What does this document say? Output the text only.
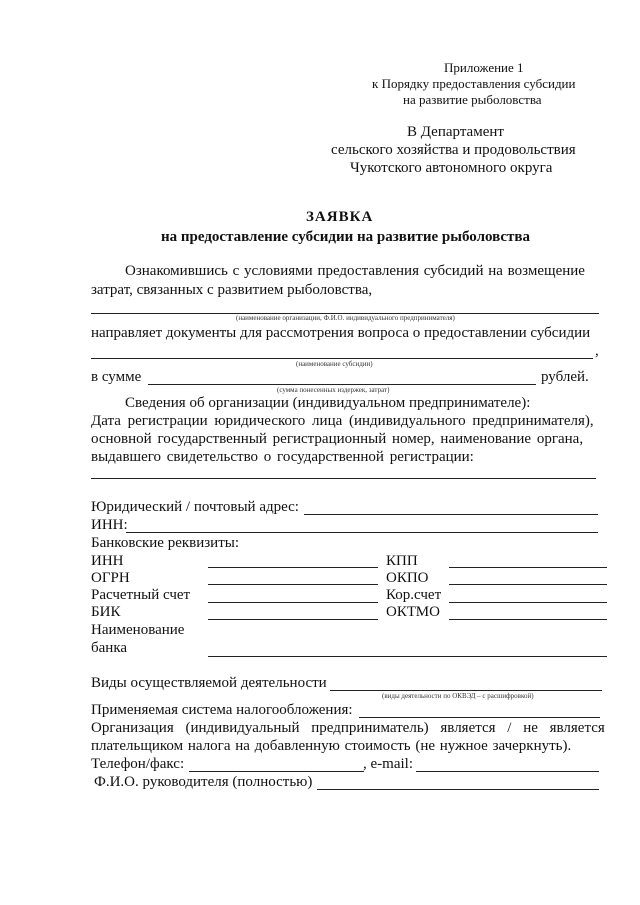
Приложение 1
к Порядку предоставления субсидии
на развитие рыболовства
В Департамент
сельского хозяйства и продовольствия
Чукотского автономного округа
ЗАЯВКА
на предоставление субсидии на развитие рыболовства
Ознакомившись с условиями предоставления субсидий на возмещение
затрат, связанных с развитием рыболовства,
(наименование организации, Ф.И.О. индивидуального предпринимателя)
направляет документы для рассмотрения вопроса о предоставлении субсидии
,
(наименование субсидии)
в сумме	рублей.
(сумма понесенных издержек, затрат)
Сведения об организации (индивидуальном предпринимателе):
Дата регистрации юридического лица (индивидуального предпринимателя),
основной государственный регистрационный номер, наименование органа,
выдавшего свидетельство о государственной регистрации:
Юридический / почтовый адрес:
ИНН:
Банковские реквизиты:
ИНН	КПП
ОГРН	ОКПО
Расчетный счет	Кор.счет
БИК	ОКТМО
Наименование
банка
Виды осуществляемой деятельности
(виды деятельности по ОКВЭД – с расшифровкой)
Применяемая система налогообложения:
Организация (индивидуальный предприниматель) является / не является
плательщиком налога на добавленную стоимость (не нужное зачеркнуть).
Телефон/факс:	, e-mail:
Ф.И.О. руководителя (полностью)
